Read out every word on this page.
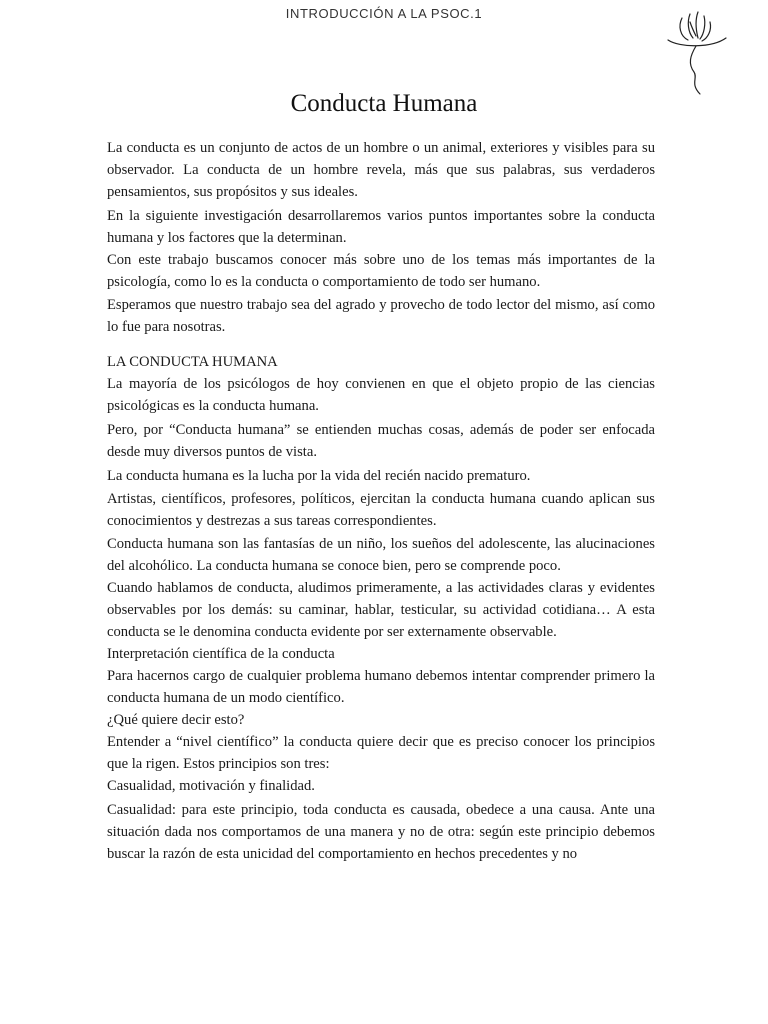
INTRODUCCIÓN A LA PSOC.1
Conducta Humana

La conducta es un conjunto de actos de un hombre o un animal, exteriores y visibles para su observador. La conducta de un hombre revela, más que sus palabras, sus verdaderos pensamientos, sus propósitos y sus ideales.

En la siguiente investigación desarrollaremos varios puntos importantes sobre la conducta humana y los factores que la determinan.

Con este trabajo buscamos conocer más sobre uno de los temas más importantes de la psicología, como lo es la conducta o comportamiento de todo ser humano.

Esperamos que nuestro trabajo sea del agrado y provecho de todo lector del mismo, así como lo fue para nosotras.

LA CONDUCTA HUMANA

La mayoría de los psicólogos de hoy convienen en que el objeto propio de las ciencias psicológicas es la conducta humana.

Pero, por “Conducta humana” se entienden muchas cosas, además de poder ser enfocada desde muy diversos puntos de vista.

La conducta humana es la lucha por la vida del recién nacido prematuro.

Artistas, científicos, profesores, políticos, ejercitan la conducta humana cuando aplican sus conocimientos y destrezas a sus tareas correspondientes.

Conducta humana son las fantasías de un niño, los sueños del adolescente, las alucinaciones del alcohólico. La conducta humana se conoce bien, pero se comprende poco.

Cuando hablamos de conducta, aludimos primeramente, a las actividades claras y evidentes observables por los demás: su caminar, hablar, testicular, su actividad cotidiana… A esta conducta se le denomina conducta evidente por ser externamente observable.

Interpretación científica de la conducta

Para hacernos cargo de cualquier problema humano debemos intentar comprender primero la conducta humana de un modo científico.

¿Qué quiere decir esto?

Entender a “nivel científico” la conducta quiere decir que es preciso conocer los principios que la rigen. Estos principios son tres:

Casualidad, motivación y finalidad.

Casualidad: para este principio, toda conducta es causada, obedece a una causa. Ante una situación dada nos comportamos de una manera y no de otra: según este principio debemos buscar la razón de esta unicidad del comportamiento en hechos precedentes y no
